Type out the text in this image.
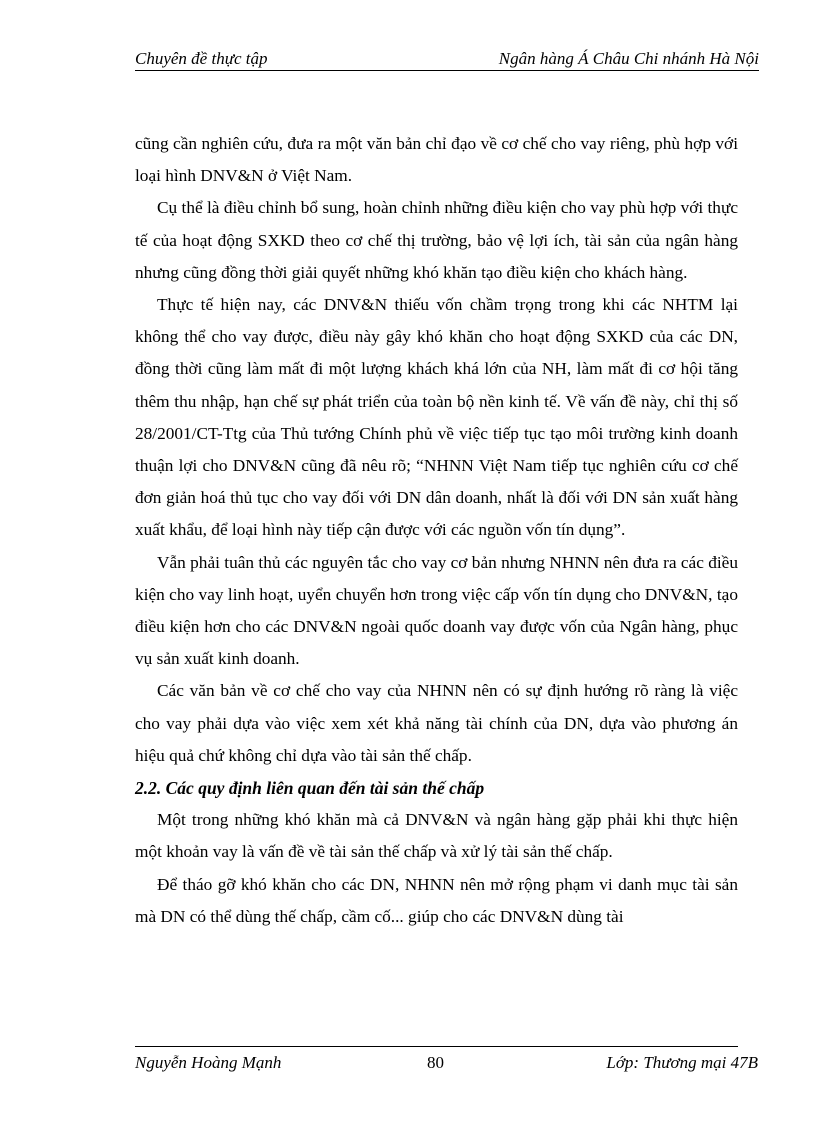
Chuyên đề thực tập	Ngân hàng Á Châu Chi nhánh Hà Nội

cũng cần nghiên cứu, đưa ra một văn bản chỉ đạo về cơ chế cho vay riêng, phù hợp với loại hình DNV&N ở Việt Nam.

Cụ thể là điều chỉnh bổ sung, hoàn chỉnh những điều kiện cho vay phù hợp với thực tế của hoạt động SXKD theo cơ chế thị trường, bảo vệ lợi ích, tài sản của ngân hàng nhưng cũng đồng thời giải quyết những khó khăn tạo điều kiện cho khách hàng.

Thực tế hiện nay, các DNV&N thiếu vốn chầm trọng trong khi các NHTM lại không thể cho vay được, điều này gây khó khăn cho hoạt động SXKD của các DN, đồng thời cũng làm mất đi một lượng khách khá lớn của NH, làm mất đi cơ hội tăng thêm thu nhập, hạn chế sự phát triển của toàn bộ nền kinh tế. Về vấn đề này, chỉ thị số 28/2001/CT-Ttg của Thủ tướng Chính phủ về việc tiếp tục tạo môi trường kinh doanh thuận lợi cho DNV&N cũng đã nêu rõ; “NHNN Việt Nam tiếp tục nghiên cứu cơ chế đơn giản hoá thủ tục cho vay đối với DN dân doanh, nhất là đối với DN sản xuất hàng xuất khẩu, để loại hình này tiếp cận được với các nguồn vốn tín dụng”.

Vẫn phải tuân thủ các nguyên tắc cho vay cơ bản nhưng NHNN nên đưa ra các điều kiện cho vay linh hoạt, uyển chuyển hơn trong việc cấp vốn tín dụng cho DNV&N, tạo điều kiện hơn cho các DNV&N ngoài quốc doanh vay được vốn của Ngân hàng, phục vụ sản xuất kinh doanh.

Các văn bản về cơ chế cho vay của NHNN nên có sự định hướng rõ ràng là việc cho vay phải dựa vào việc xem xét khả năng tài chính của DN, dựa vào phương án hiệu quả chứ không chỉ dựa vào tài sản thế chấp.

2.2. Các quy định liên quan đến tài sản thế chấp

Một trong những khó khăn mà cả DNV&N và ngân hàng gặp phải khi thực hiện một khoản vay là vấn đề về tài sản thế chấp và xử lý tài sản thế chấp.

Để tháo gỡ khó khăn cho các DN, NHNN nên mở rộng phạm vi danh mục tài sản mà DN có thể dùng thế chấp, cầm cố... giúp cho các DNV&N dùng tài

Nguyễn Hoàng Mạnh	80	Lớp: Thương mại 47B
